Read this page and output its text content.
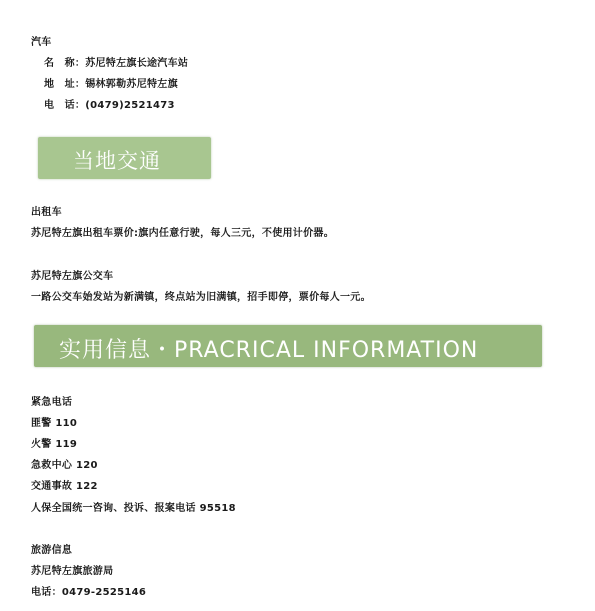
汽车
名　称：苏尼特左旗长途汽车站
地　址：锡林郭勒苏尼特左旗
电　话：(0479)2521473
当地交通
出租车
苏尼特左旗出租车票价:旗内任意行驶，每人三元，不使用计价器。
苏尼特左旗公交车
一路公交车始发站为新满镇，终点站为旧满镇，招手即停，票价每人一元。
实用信息・PRACRICAL INFORMATION
紧急电话
匪警 110
火警 119
急救中心 120
交通事故 122
人保全国统一咨询、投诉、报案电话 95518
旅游信息
苏尼特左旗旅游局
电话：0479-2525146
